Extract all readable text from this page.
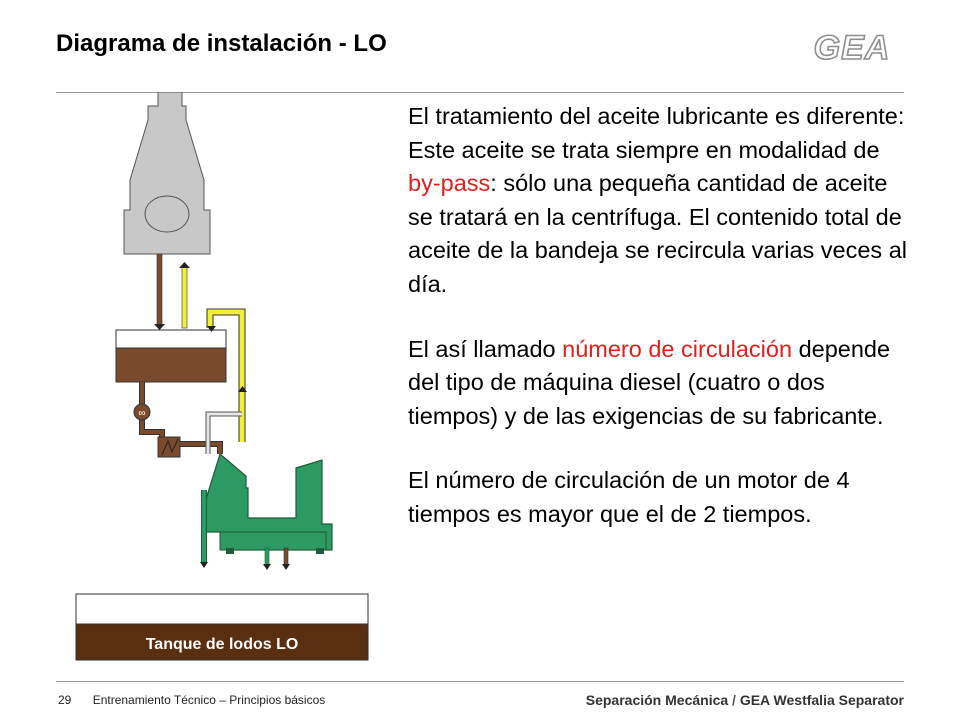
Diagrama de instalación - LO	GEA
∞
Tanque de lodos LO

El tratamiento del aceite lubricante es diferente: Este aceite se trata siempre en modalidad de by-pass: sólo una pequeña cantidad de aceite se tratará en la centrífuga. El contenido total de aceite de la bandeja se recircula varias veces al día.

El así llamado número de circulación depende del tipo de máquina diesel (cuatro o dos tiempos) y de las exigencias de su fabricante.

El número de circulación de un motor de 4 tiempos es mayor que el de 2 tiempos.

29 Entrenamiento Técnico – Principios básicos	Separación Mecánica / GEA Westfalia Separator
